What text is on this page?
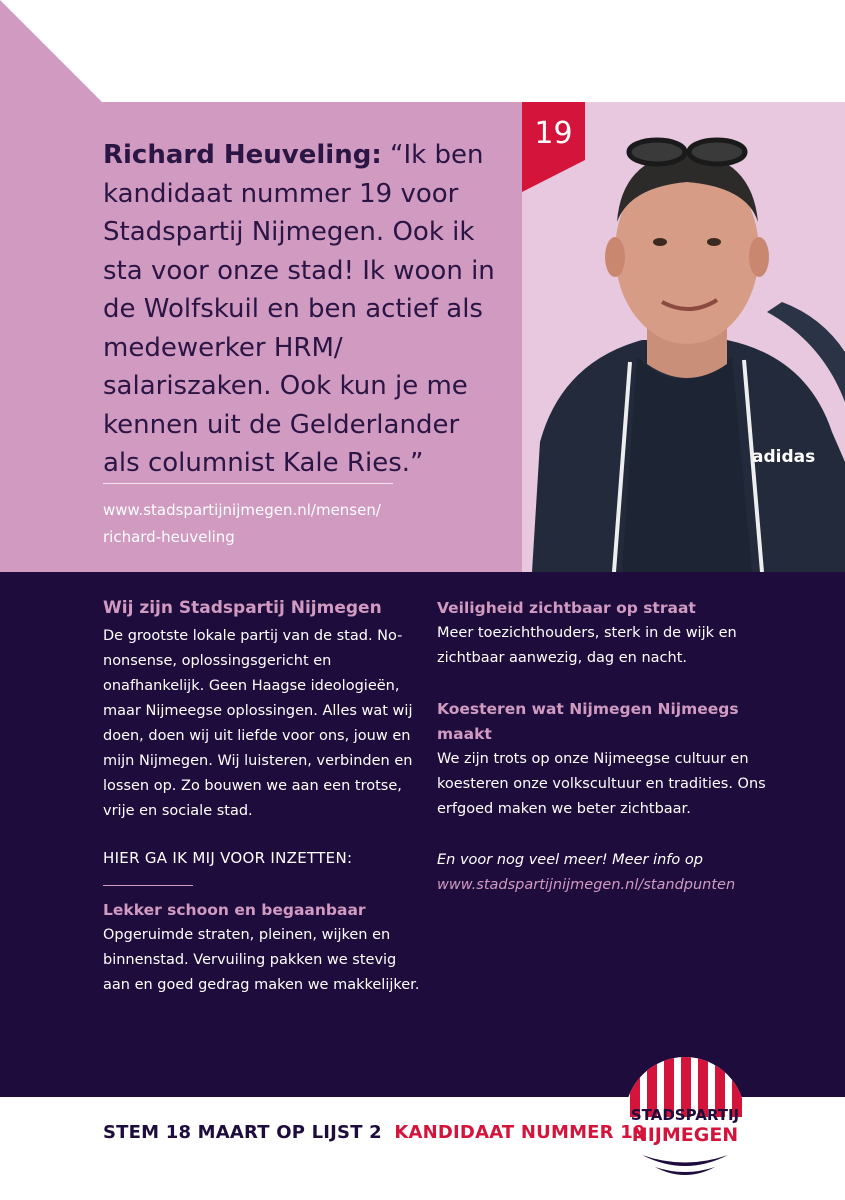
adidas
19
Richard Heuveling: “Ik ben kandidaat nummer 19 voor Stadspartij Nijmegen. Ook ik sta voor onze stad! Ik woon in de Wolfskuil en ben actief als medewerker HRM/ salariszaken. Ook kun je me kennen uit de Gelderlander als columnist Kale Ries.”
www.stadspartijnijmegen.nl/mensen/
richard-heuveling
Wij zijn Stadspartij Nijmegen
De grootste lokale partij van de stad. No-nonsense, oplossingsgericht en onafhankelijk. Geen Haagse ideologieën, maar Nijmeegse oplossingen. Alles wat wij doen, doen wij uit liefde voor ons, jouw en mijn Nijmegen. Wij luisteren, verbinden en lossen op. Zo bouwen we aan een trotse, vrije en sociale stad.
HIER GA IK MIJ VOOR INZETTEN:
Lekker schoon en begaanbaar
Opgeruimde straten, pleinen, wijken en binnenstad. Vervuiling pakken we stevig aan en goed gedrag maken we makkelijker.
Veiligheid zichtbaar op straat
Meer toezichthouders, sterk in de wijk en zichtbaar aanwezig, dag en nacht.
Koesteren wat Nijmegen Nijmeegs maakt
We zijn trots op onze Nijmeegse cultuur en koesteren onze volkscultuur en tradities. Ons erfgoed maken we beter zichtbaar.
En voor nog veel meer! Meer info op
www.stadspartijnijmegen.nl/standpunten
STEM 18 MAART OP LIJST 2 KANDIDAAT NUMMER 19
STADSPARTIJ
NIJMEGEN
